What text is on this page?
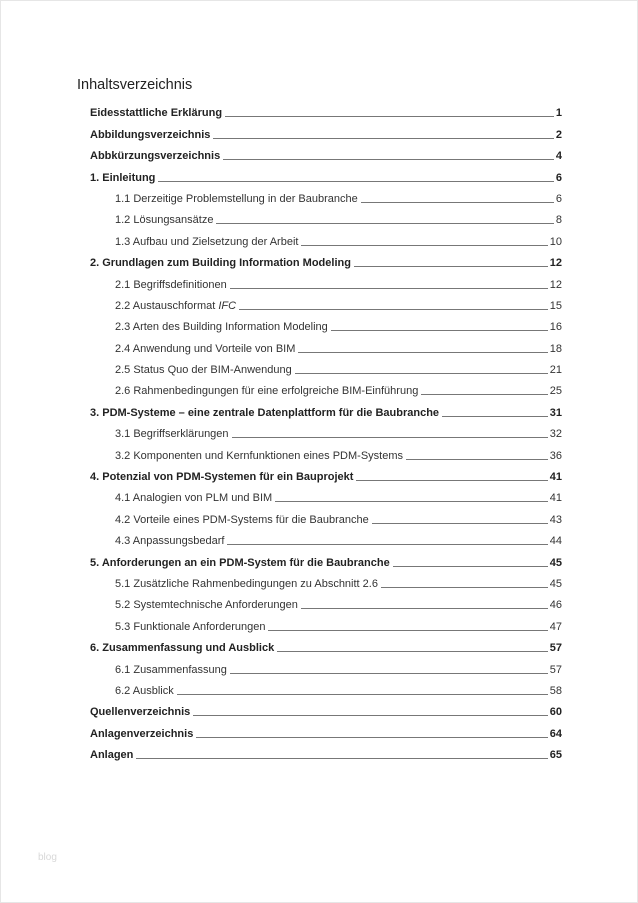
Inhaltsverzeichnis
Eidesstattliche Erklärung	1
Abbildungsverzeichnis	2
Abbkürzungsverzeichnis	4
1. Einleitung	6
1.1 Derzeitige Problemstellung in der Baubranche	6
1.2 Lösungsansätze	8
1.3 Aufbau und Zielsetzung der Arbeit	10
2. Grundlagen zum Building Information Modeling	12
2.1 Begriffsdefinitionen	12
2.2 Austauschformat IFC	15
2.3 Arten des Building Information Modeling	16
2.4 Anwendung und Vorteile von BIM	18
2.5 Status Quo der BIM-Anwendung	21
2.6 Rahmenbedingungen für eine erfolgreiche BIM-Einführung	25
3. PDM-Systeme – eine zentrale Datenplattform für die Baubranche	31
3.1 Begriffserklärungen	32
3.2 Komponenten und Kernfunktionen eines PDM-Systems	36
4. Potenzial von PDM-Systemen für ein Bauprojekt	41
4.1 Analogien von PLM und BIM	41
4.2 Vorteile eines PDM-Systems für die Baubranche	43
4.3 Anpassungsbedarf	44
5. Anforderungen an ein PDM-System für die Baubranche	45
5.1 Zusätzliche Rahmenbedingungen zu Abschnitt 2.6	45
5.2 Systemtechnische Anforderungen	46
5.3 Funktionale Anforderungen	47
6. Zusammenfassung und Ausblick	57
6.1 Zusammenfassung	57
6.2 Ausblick	58
Quellenverzeichnis	60
Anlagenverzeichnis	64
Anlagen	65
blog
